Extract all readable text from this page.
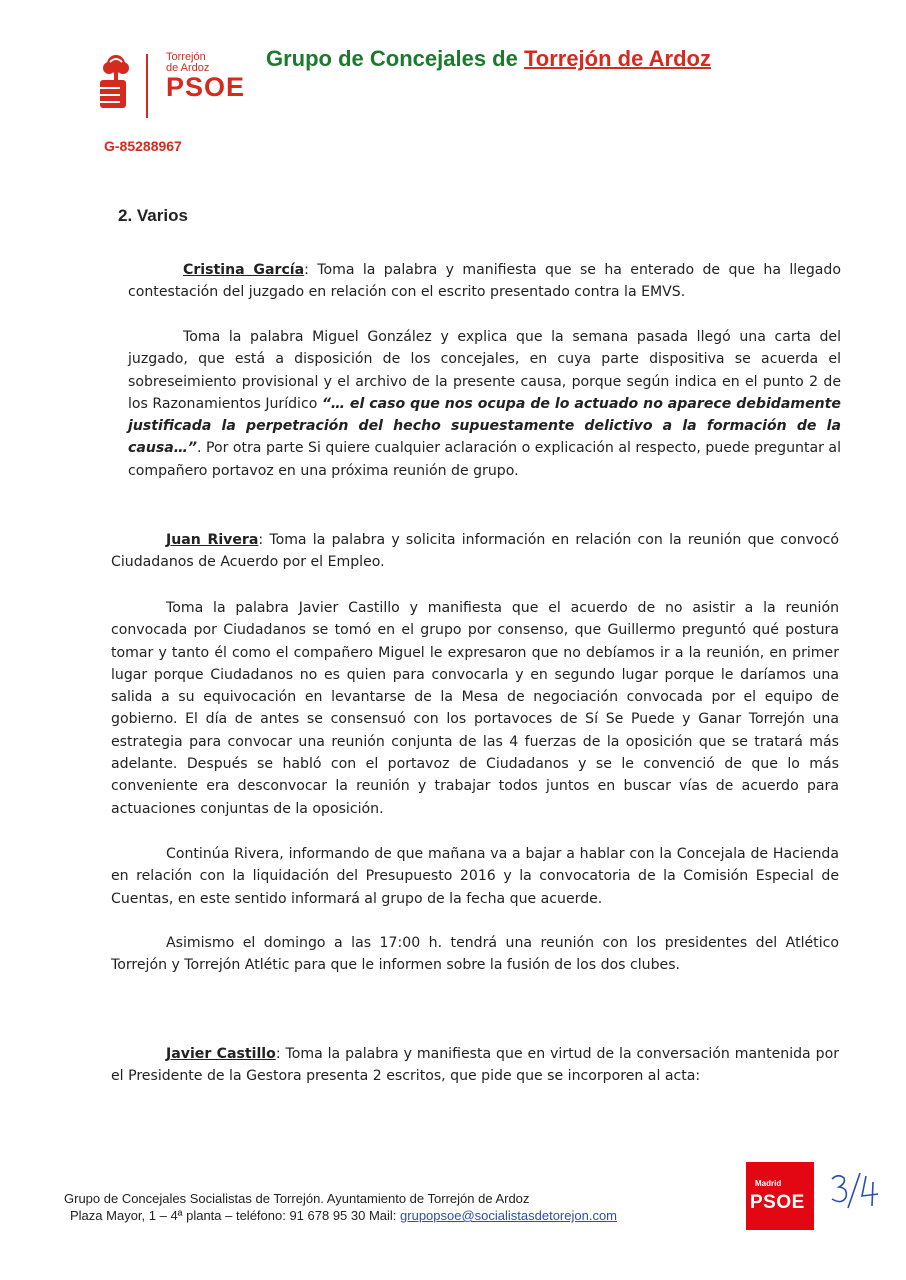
Torrejón de Ardoz
PSOE
G-85288967
Grupo de Concejales de Torrejón de Ardoz
2. Varios

Cristina García: Toma la palabra y manifiesta que se ha enterado de que ha llegado contestación del juzgado en relación con el escrito presentado contra la EMVS.

Toma la palabra Miguel González y explica que la semana pasada llegó una carta del juzgado, que está a disposición de los concejales, en cuya parte dispositiva se acuerda el sobreseimiento provisional y el archivo de la presente causa, porque según indica en el punto 2 de los Razonamientos Jurídico “… el caso que nos ocupa de lo actuado no aparece debidamente justificada la perpetración del hecho supuestamente delictivo a la formación de la causa…”. Por otra parte Si quiere cualquier aclaración o explicación al respecto, puede preguntar al compañero portavoz en una próxima reunión de grupo.

Juan Rivera: Toma la palabra y solicita información en relación con la reunión que convocó Ciudadanos de Acuerdo por el Empleo.

Toma la palabra Javier Castillo y manifiesta que el acuerdo de no asistir a la reunión convocada por Ciudadanos se tomó en el grupo por consenso, que Guillermo preguntó qué postura tomar y tanto él como el compañero Miguel le expresaron que no debíamos ir a la reunión, en primer lugar porque Ciudadanos no es quien para convocarla y en segundo lugar porque le daríamos una salida a su equivocación en levantarse de la Mesa de negociación convocada por el equipo de gobierno. El día de antes se consensuó con los portavoces de Sí Se Puede y Ganar Torrejón una estrategia para convocar una reunión conjunta de las 4 fuerzas de la oposición que se tratará más adelante. Después se habló con el portavoz de Ciudadanos y se le convenció de que lo más conveniente era desconvocar la reunión y trabajar todos juntos en buscar vías de acuerdo para actuaciones conjuntas de la oposición.

Continúa Rivera, informando de que mañana va a bajar a hablar con la Concejala de Hacienda en relación con la liquidación del Presupuesto 2016 y la convocatoria de la Comisión Especial de Cuentas, en este sentido informará al grupo de la fecha que acuerde.

Asimismo el domingo a las 17:00 h. tendrá una reunión con los presidentes del Atlético Torrejón y Torrejón Atlétic para que le informen sobre la fusión de los dos clubes.

Javier Castillo: Toma la palabra y manifiesta que en virtud de la conversación mantenida por el Presidente de la Gestora presenta 2 escritos, que pide que se incorporen al acta:

Grupo de Concejales Socialistas de Torrejón. Ayuntamiento de Torrejón de Ardoz
Plaza Mayor, 1 – 4ª planta – teléfono: 91 678 95 30 Mail: grupopsoe@socialistasdetorejon.com
Madrid
PSOE
